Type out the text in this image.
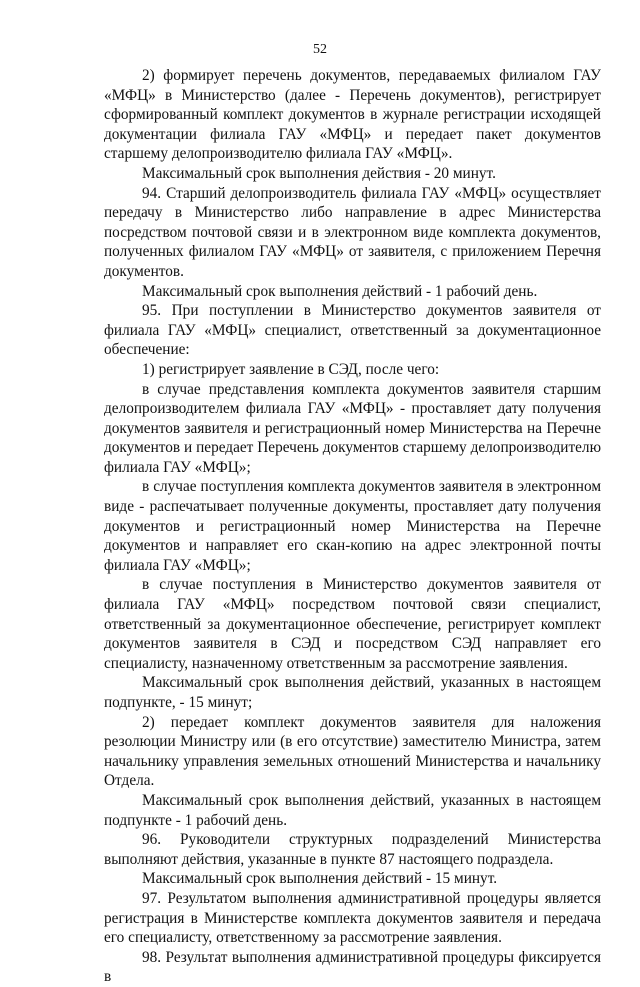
52

2) формирует перечень документов, передаваемых филиалом ГАУ «МФЦ» в Министерство (далее - Перечень документов), регистрирует сформированный комплект документов в журнале регистрации исходящей документации филиала ГАУ «МФЦ» и передает пакет документов старшему делопроизводителю филиала ГАУ «МФЦ».

Максимальный срок выполнения действия - 20 минут.

94. Старший делопроизводитель филиала ГАУ «МФЦ» осуществляет передачу в Министерство либо направление в адрес Министерства посредством почтовой связи и в электронном виде комплекта документов, полученных филиалом ГАУ «МФЦ» от заявителя, с приложением Перечня документов.

Максимальный срок выполнения действий - 1 рабочий день.

95. При поступлении в Министерство документов заявителя от филиала ГАУ «МФЦ» специалист, ответственный за документационное обеспечение:

1) регистрирует заявление в СЭД, после чего:

в случае представления комплекта документов заявителя старшим делопроизводителем филиала ГАУ «МФЦ» - проставляет дату получения документов заявителя и регистрационный номер Министерства на Перечне документов и передает Перечень документов старшему делопроизводителю филиала ГАУ «МФЦ»;

в случае поступления комплекта документов заявителя в электронном виде - распечатывает полученные документы, проставляет дату получения документов и регистрационный номер Министерства на Перечне документов и направляет его скан-копию на адрес электронной почты филиала ГАУ «МФЦ»;

в случае поступления в Министерство документов заявителя от филиала ГАУ «МФЦ» посредством почтовой связи специалист, ответственный за документационное обеспечение, регистрирует комплект документов заявителя в СЭД и посредством СЭД направляет его специалисту, назначенному ответственным за рассмотрение заявления.

Максимальный срок выполнения действий, указанных в настоящем подпункте, - 15 минут;

2) передает комплект документов заявителя для наложения резолюции Министру или (в его отсутствие) заместителю Министра, затем начальнику управления земельных отношений Министерства и начальнику Отдела.

Максимальный срок выполнения действий, указанных в настоящем подпункте - 1 рабочий день.

96. Руководители структурных подразделений Министерства выполняют действия, указанные в пункте 87 настоящего подраздела.

Максимальный срок выполнения действий - 15 минут.

97. Результатом выполнения административной процедуры является регистрация в Министерстве комплекта документов заявителя и передача его специалисту, ответственному за рассмотрение заявления.

98. Результат выполнения административной процедуры фиксируется в
